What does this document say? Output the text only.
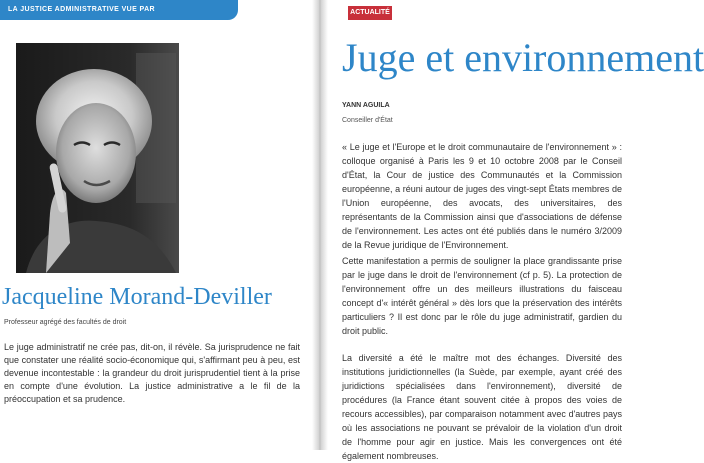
LA JUSTICE ADMINISTRATIVE VUE PAR
Jacqueline Morand-Deviller
Professeur agrégé des facultés de droit
Le juge administratif ne crée pas, dit-on, il révèle. Sa jurisprudence ne fait que constater une réalité socio-économique qui, s'affirmant peu à peu, est devenue incontestable : la grandeur du droit jurisprudentiel tient à la prise en compte d'une évolution. La justice administrative a le fil de la préoccupation et sa prudence.
ACTUALITÉ
Juge et environnement
YANN AGUILA
Conseiller d'État
« Le juge et l'Europe et le droit communautaire de l'environnement » : colloque organisé à Paris les 9 et 10 octobre 2008 par le Conseil d'État, la Cour de justice des Communautés et la Commission européenne, a réuni autour de juges des vingt-sept États membres de l'Union européenne, des avocats, des universitaires, des représentants de la Commission ainsi que d'associations de défense de l'environnement. Les actes ont été publiés dans le numéro 3/2009 de la Revue juridique de l'Environnement.
Cette manifestation a permis de souligner la place grandissante prise par le juge dans le droit de l'environnement (cf p. 5). La protection de l'environnement offre un des meilleurs illustrations du faisceau concept d'« intérêt général » dès lors que la préservation des intérêts particuliers ? Il est donc par le rôle du juge administratif, gardien du droit public.
La diversité a été le maître mot des échanges. Diversité des institutions juridictionnelles (la Suède, par exemple, ayant créé des juridictions spécialisées dans l'environnement), diversité de procédures (la France étant souvent citée à propos des voies de recours accessibles), par comparaison notamment avec d'autres pays où les associations ne pouvant se prévaloir de la violation d'un droit de l'homme pour agir en justice. Mais les convergences ont été également nombreuses.
